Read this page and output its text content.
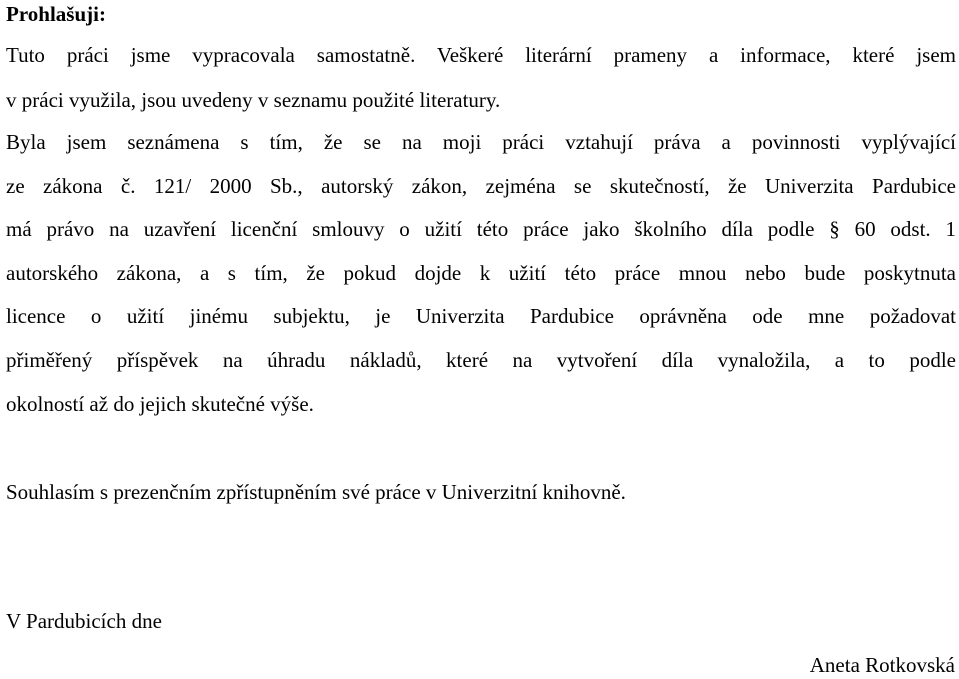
Prohlašuji:
Tuto práci jsme vypracovala samostatně. Veškeré literární prameny a informace, které jsem
v práci využila, jsou uvedeny v seznamu použité literatury.
Byla jsem seznámena s tím, že se na moji práci vztahují práva a povinnosti vyplývající
ze zákona č. 121/ 2000 Sb., autorský zákon, zejména se skutečností, že Univerzita Pardubice
má právo na uzavření licenční smlouvy o užití této práce jako školního díla podle § 60 odst. 1
autorského zákona, a s tím, že pokud dojde k užití této práce mnou nebo bude poskytnuta
licence o užití jinému subjektu, je Univerzita Pardubice oprávněna ode mne požadovat
přiměřený příspěvek na úhradu nákladů, které na vytvoření díla vynaložila, a to podle
okolností až do jejich skutečné výše.
Souhlasím s prezenčním zpřístupněním své práce v Univerzitní knihovně.
V Pardubicích dne
Aneta Rotkovská
